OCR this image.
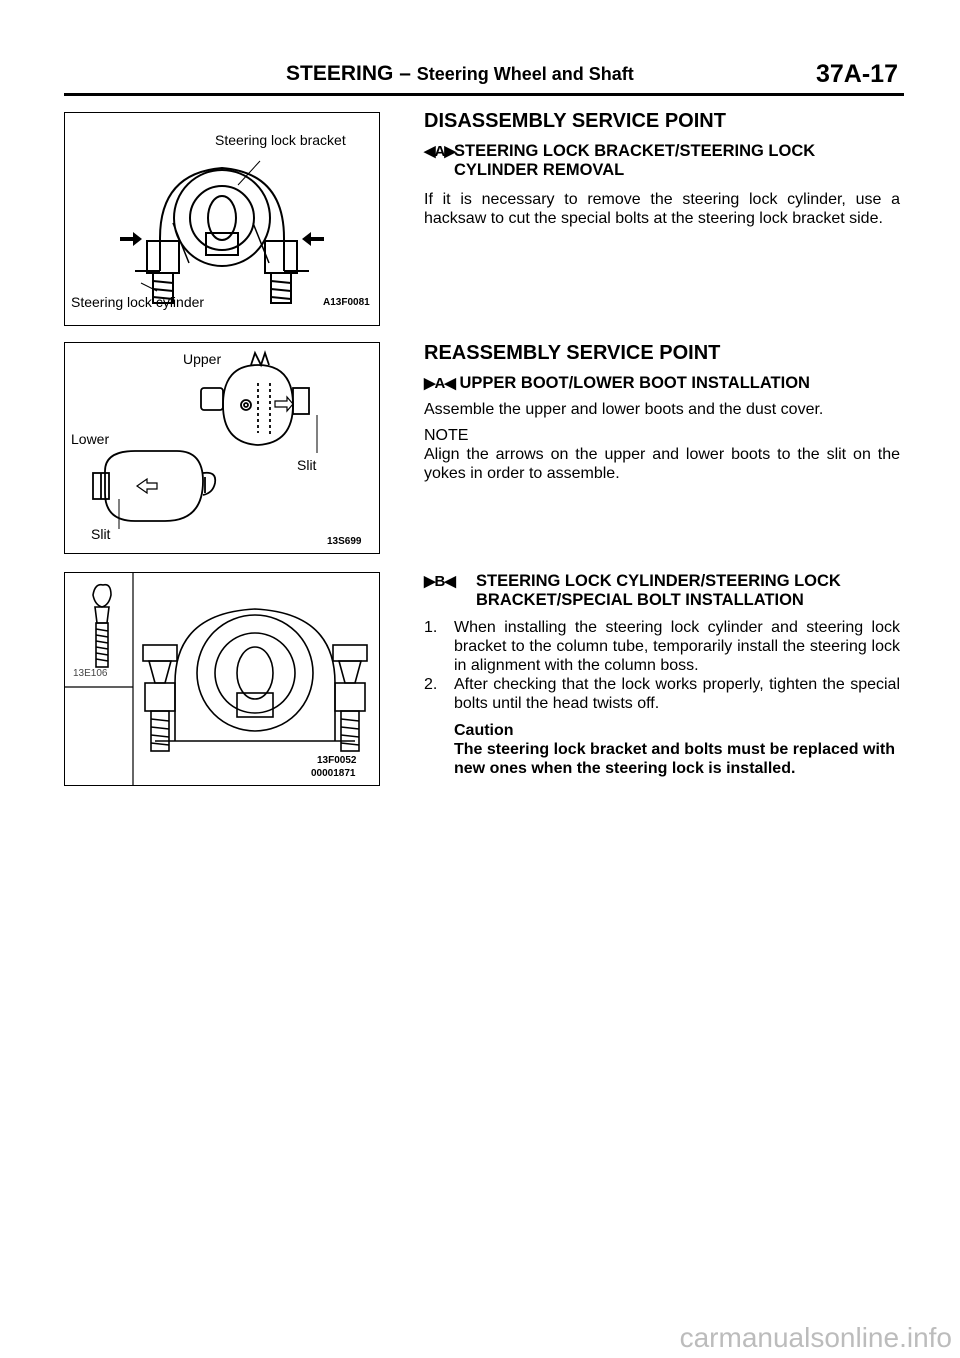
STEERING – Steering Wheel and Shaft	37A-17
Steering lock bracket
Steering lock cylinder	A13F0081
Upper
Lower
Slit
Slit	13S699
13E106
13F0052
00001871
DISASSEMBLY SERVICE POINT
◀A▶ STEERING LOCK BRACKET/STEERING LOCK CYLINDER REMOVAL
If it is necessary to remove the steering lock cylinder, use a hacksaw to cut the special bolts at the steering lock bracket side.
REASSEMBLY SERVICE POINT
▶A◀ UPPER BOOT/LOWER BOOT INSTALLATION
Assemble the upper and lower boots and the dust cover.
NOTE
Align the arrows on the upper and lower boots to the slit on the yokes in order to assemble.
▶B◀ STEERING LOCK CYLINDER/STEERING LOCK BRACKET/SPECIAL BOLT INSTALLATION
1. When installing the steering lock cylinder and steering lock bracket to the column tube, temporarily install the steering lock in alignment with the column boss.
2. After checking that the lock works properly, tighten the special bolts until the head twists off.
Caution
The steering lock bracket and bolts must be replaced with new ones when the steering lock is installed.
carmanualsonline.info
